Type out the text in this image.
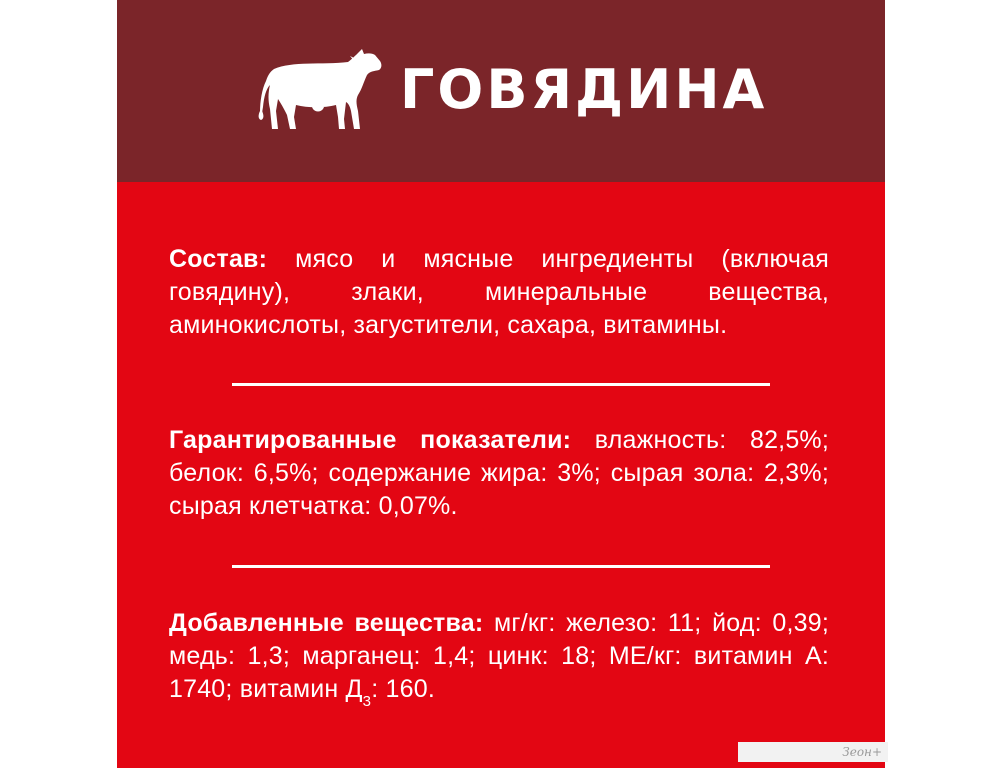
ГОВЯДИНА
Состав: мясо и мясные ингредиенты (включая говядину), злаки, минеральные вещества, аминокислоты, загустители, сахара, витамины.
Гарантированные показатели: влажность: 82,5%; белок: 6,5%; содержание жира: 3%; сырая зола: 2,3%; сырая клетчатка: 0,07%.
Добавленные вещества: мг/кг: железо: 11; йод: 0,39; медь: 1,3; марганец: 1,4; цинк: 18; МЕ/кг: витамин А: 1740; витамин $Д_3$: 160.
Зеон+
